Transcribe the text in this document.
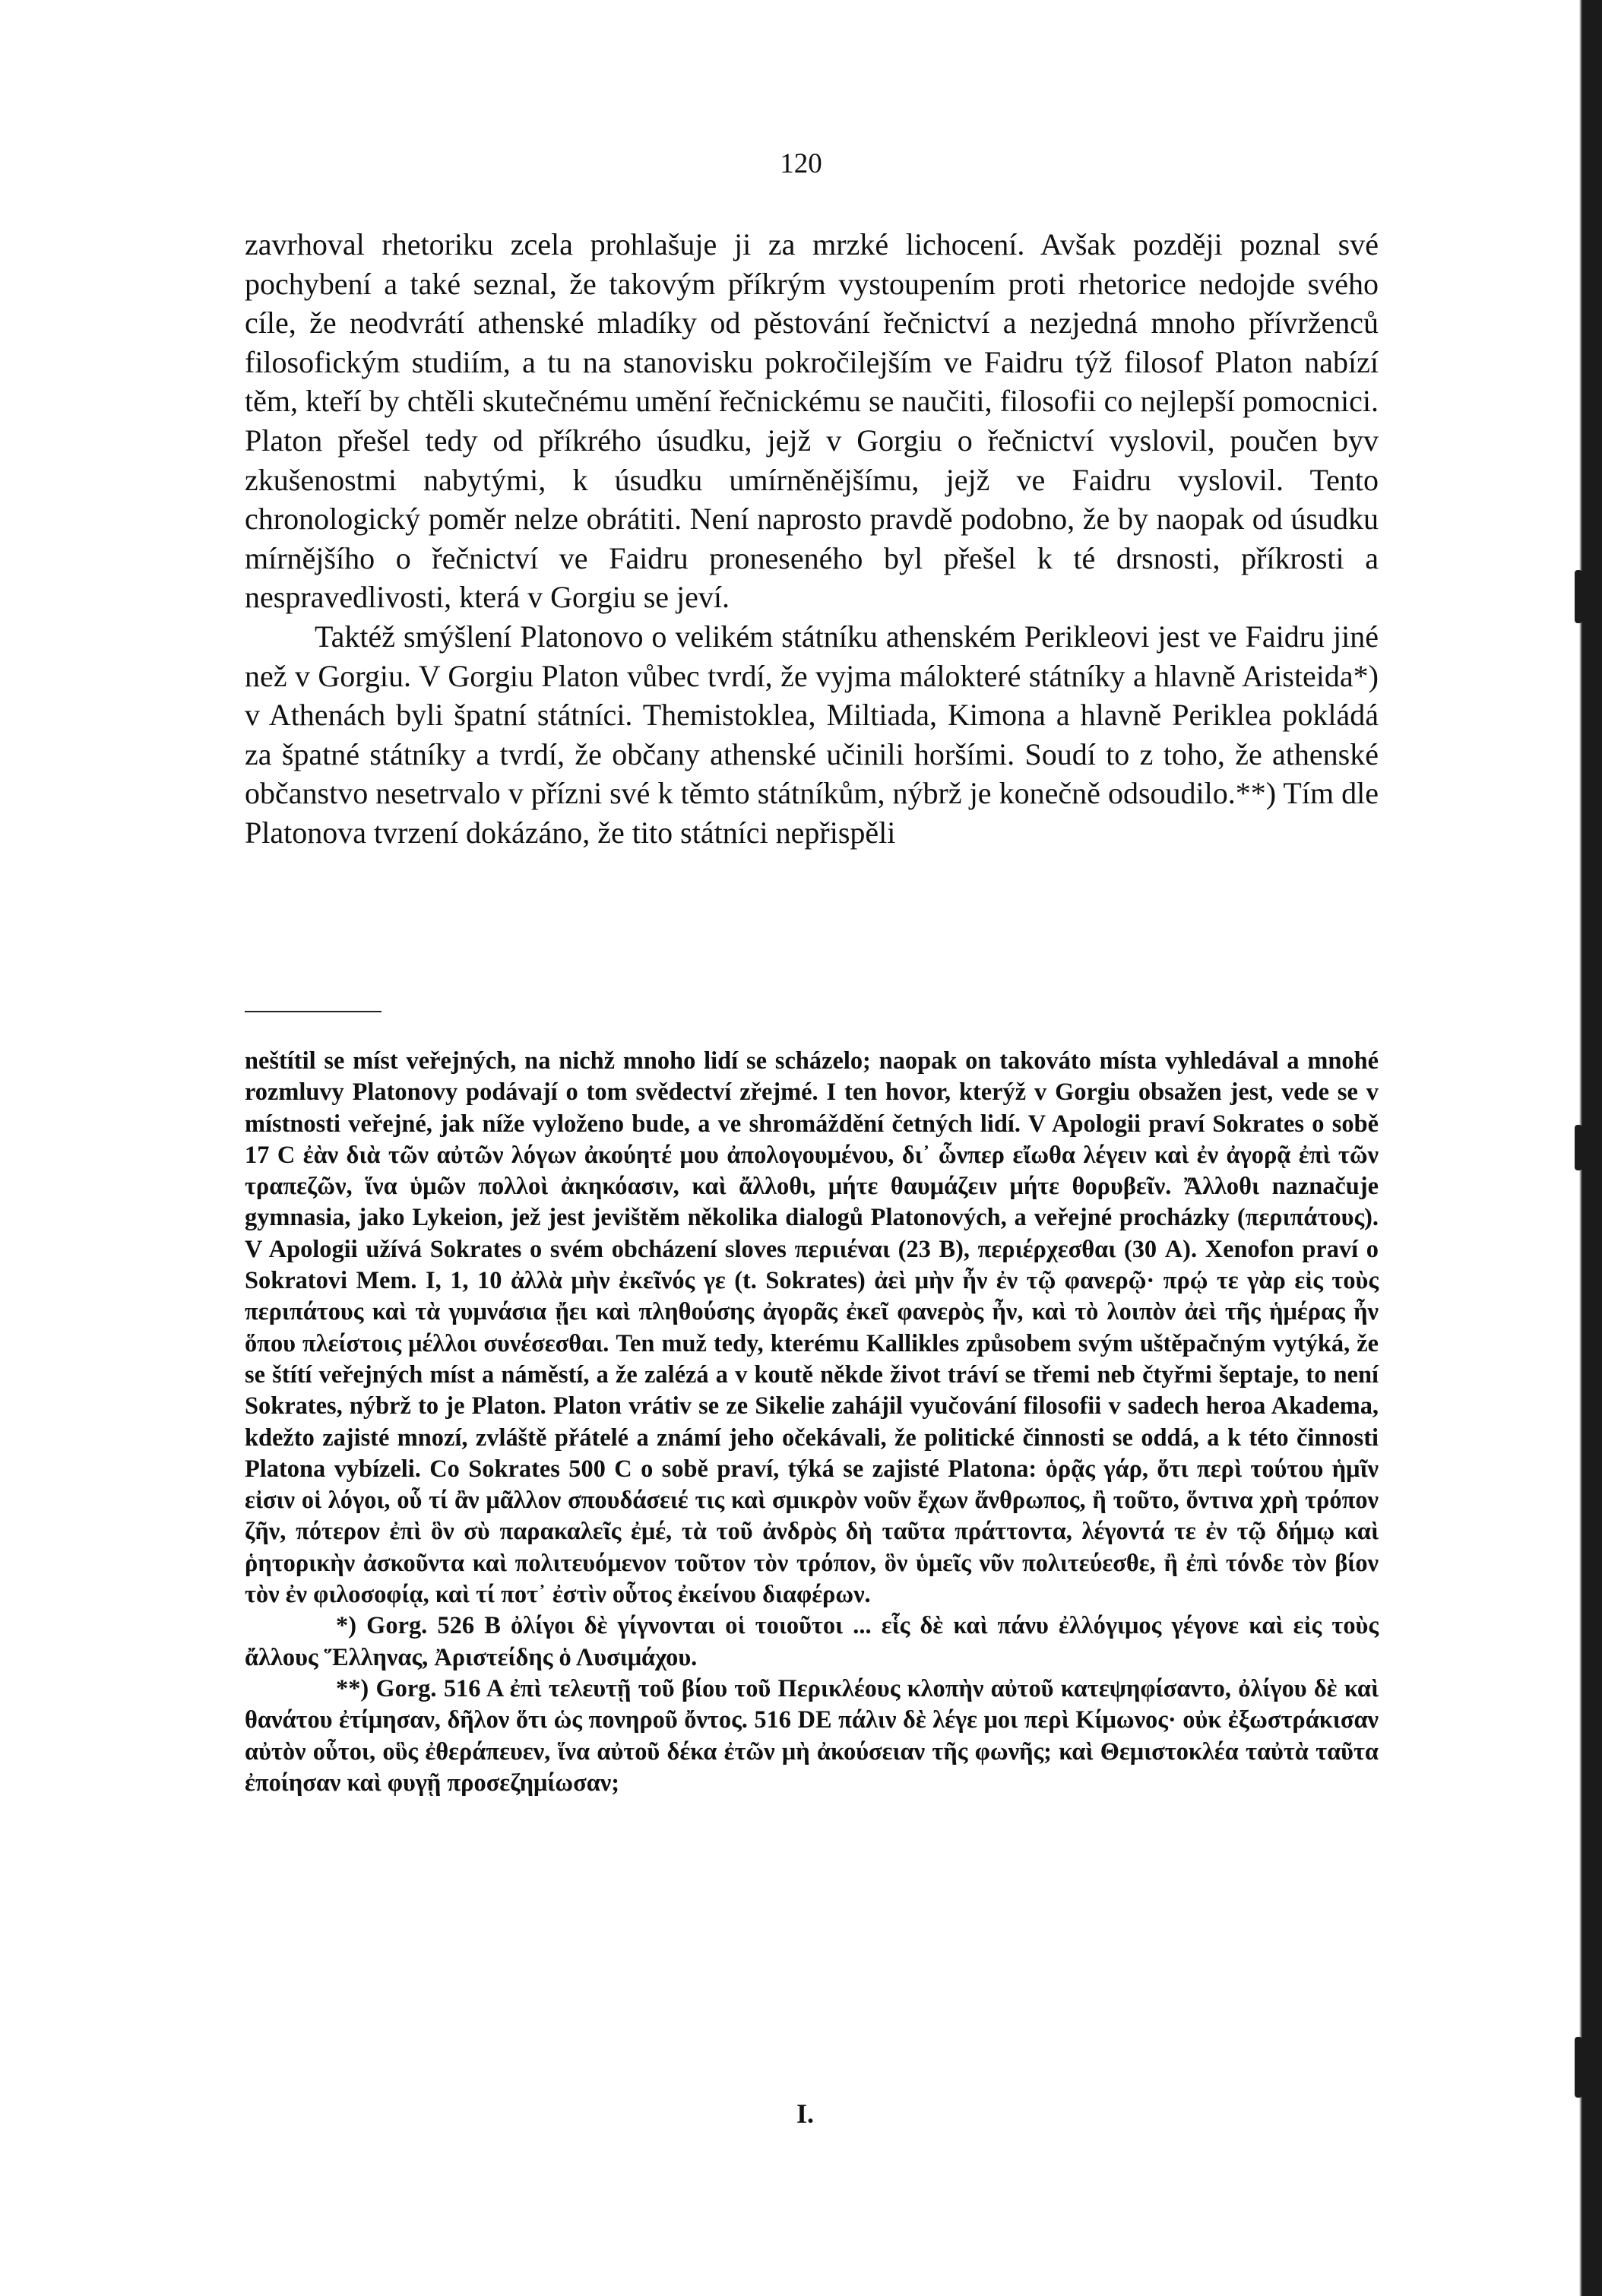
120

zavrhoval rhetoriku zcela prohlašuje ji za mrzké lichocení. Avšak později poznal své pochybení a také seznal, že takovým příkrým vystoupením proti rhetorice nedojde svého cíle, že neodvrátí athenské mladíky od pěstování řečnictví a nezjedná mnoho přívrženců filosofickým studiím, a tu na stanovisku pokročilejším ve Faidru týž filosof Platon nabízí těm, kteří by chtěli skutečnému umění řečnickému se naučiti, filosofii co nejlepší pomocnici. Platon přešel tedy od příkrého úsudku, jejž v Gorgiu o řečnictví vyslovil, poučen byv zkušenostmi nabytými, k úsudku umírněnějšímu, jejž ve Faidru vyslovil. Tento chronologický poměr nelze obrátiti. Není naprosto pravdě podobno, že by naopak od úsudku mírnějšího o řečnictví ve Faidru proneseného byl přešel k té drsnosti, příkrosti a nespravedlivosti, která v Gorgiu se jeví.

Taktéž smýšlení Platonovo o velikém státníku athenském Perikleovi jest ve Faidru jiné než v Gorgiu. V Gorgiu Platon vůbec tvrdí, že vyjma málokteré státníky a hlavně Aristeida*) v Athenách byli špatní státníci. Themistoklea, Miltiada, Kimona a hlavně Periklea pokládá za špatné státníky a tvrdí, že občany athenské učinili horšími. Soudí to z toho, že athenské občanstvo nesetrvalo v přízni své k těmto státníkům, nýbrž je konečně odsoudilo.**) Tím dle Platonova tvrzení dokázáno, že tito státníci nepřispěli

neštítil se míst veřejných, na nichž mnoho lidí se scházelo; naopak on takováto místa vyhledával a mnohé rozmluvy Platonovy podávají o tom svědectví zřejmé. I ten hovor, kterýž v Gorgiu obsažen jest, vede se v místnosti veřejné, jak níže vyloženo bude, a ve shromáždění četných lidí. V Apologii praví Sokrates o sobě 17 C ἐὰν διὰ τῶν αὐτῶν λόγων ἀκούητέ μου ἀπολογουμένου, δι᾽ ὧνπερ εἴωθα λέγειν καὶ ἐν ἀγορᾷ ἐπὶ τῶν τραπεζῶν, ἵνα ὑμῶν πολλοὶ ἀκηκόασιν, καὶ ἄλλοθι, μήτε θαυμάζειν μήτε θορυβεῖν. Ἄλλοθι naznačuje gymnasia, jako Lykeion, jež jest jevištěm několika dialogů Platonových, a veřejné procházky (περιπάτους). V Apologii užívá Sokrates o svém obcházení sloves περιιέναι (23 B), περιέρχεσθαι (30 A). Xenofon praví o Sokratovi Mem. I, 1, 10 ἀλλὰ μὴν ἐκεῖνός γε (t. Sokrates) ἀεὶ μὴν ἦν ἐν τῷ φανερῷ· πρῴ τε γὰρ εἰς τοὺς περιπάτους καὶ τὰ γυμνάσια ᾔει καὶ πληθούσης ἀγορᾶς ἐκεῖ φανερὸς ἦν, καὶ τὸ λοιπὸν ἀεὶ τῆς ἡμέρας ἦν ὅπου πλείστοις μέλλοι συνέσεσθαι. Ten muž tedy, kterému Kallikles způsobem svým uštěpačným vytýká, že se štítí veřejných míst a náměstí, a že zalézá a v koutě někde život tráví se třemi neb čtyřmi šeptaje, to není Sokrates, nýbrž to je Platon. Platon vrátiv se ze Sikelie zahájil vyučování filosofii v sadech heroa Akadema, kdežto zajisté mnozí, zvláště přátelé a známí jeho očekávali, že politické činnosti se oddá, a k této činnosti Platona vybízeli. Co Sokrates 500 C o sobě praví, týká se zajisté Platona: ὁρᾷς γάρ, ὅτι περὶ τούτου ἡμῖν εἰσιν οἱ λόγοι, οὗ τί ἂν μᾶλλον σπουδάσειέ τις καὶ σμικρὸν νοῦν ἔχων ἄνθρωπος, ἢ τοῦτο, ὅντινα χρὴ τρόπον ζῆν, πότερον ἐπὶ ὃν σὺ παρακαλεῖς ἐμέ, τὰ τοῦ ἀνδρὸς δὴ ταῦτα πράττοντα, λέγοντά τε ἐν τῷ δήμῳ καὶ ῥητορικὴν ἀσκοῦντα καὶ πολιτευόμενον τοῦτον τὸν τρόπον, ὃν ὑμεῖς νῦν πολιτεύεσθε, ἢ ἐπὶ τόνδε τὸν βίον τὸν ἐν φιλοσοφίᾳ, καὶ τί ποτ᾽ ἐστὶν οὗτος ἐκείνου διαφέρων.

*) Gorg. 526 B ὀλίγοι δὲ γίγνονται οἱ τοιοῦτοι ... εἷς δὲ καὶ πάνυ ἐλλόγιμος γέγονε καὶ εἰς τοὺς ἄλλους Ἕλληνας, Ἀριστείδης ὁ Λυσιμάχου.

**) Gorg. 516 A ἐπὶ τελευτῇ τοῦ βίου τοῦ Περικλέους κλοπὴν αὐτοῦ κατεψηφίσαντο, ὀλίγου δὲ καὶ θανάτου ἐτίμησαν, δῆλον ὅτι ὡς πονηροῦ ὄντος. 516 DE πάλιν δὲ λέγε μοι περὶ Κίμωνος· οὐκ ἐξωστράκισαν αὐτὸν οὗτοι, οὓς ἐθεράπευεν, ἵνα αὐτοῦ δέκα ἐτῶν μὴ ἀκούσειαν τῆς φωνῆς; καὶ Θεμιστοκλέα ταὐτὰ ταῦτα ἐποίησαν καὶ φυγῇ προσεζημίωσαν;

I.
